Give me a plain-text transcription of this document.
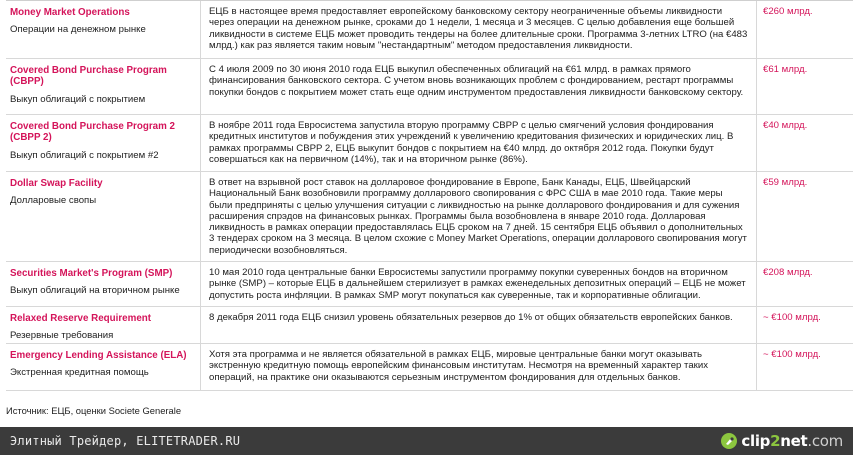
Money Market Operations
Операции на денежном рынке
ЕЦБ в настоящее время предоставляет европейскому банковскому сектору неограниченные объемы ликвидности через операции на денежном рынке, сроками до 1 недели, 1 месяца и 3 месяцев. С целью добавления еще большей ликвидности в системе ЕЦБ может проводить тендеры на более длительные сроки. Программа 3-летних LTRO (на €483 млрд.) как раз является таким новым "нестандартным" методом предоставления ликвидности.
€260 млрд.
Covered Bond Purchase Program (CBPP)
Выкуп облигаций с покрытием
С 4 июля 2009 по 30 июня 2010 года ЕЦБ выкупил обеспеченных облигаций на €61 млрд. в рамках прямого финансирования банковского сектора. С учетом вновь возникающих проблем с фондированием, рестарт программы покупки бондов с покрытием может стать еще одним инструментом предоставления ликвидности банковскому сектору.
€61 млрд.
Covered Bond Purchase Program 2 (CBPP 2)
Выкуп облигаций с покрытием #2
В ноябре 2011 года Евросистема запустила вторую программу CBPP с целью смягчений условия фондирования кредитных институтов и побуждения этих учреждений к увеличению кредитования физических и юридических лиц. В рамках программы CBPP 2, ЕЦБ выкупит бондов с покрытием на €40 млрд. до октября 2012 года. Покупки будут совершаться как на первичном (14%), так и на вторичном рынке (86%).
€40 млрд.
Dollar Swap Facility
Долларовые свопы
В ответ на взрывной рост ставок на долларовое фондирование в Европе, Банк Канады, ЕЦБ, Швейцарский Национальный Банк возобновили программу долларового свопирования с ФРС США в мае 2010 года. Такие меры были предприняты с целью улучшения ситуации с ликвидностью на рынке долларового фондирования и для сужения расширения спрэдов на финансовых рынках. Программы была возобновлена в январе 2010 года. Долларовая ликвидность в рамках операции предоставлялась ЕЦБ сроком на 7 дней. 15 сентября ЕЦБ объявил о дополнительных 3 тендерах сроком на 3 месяца. В целом схожие с Money Market Operations, операции долларового свопирования могут периодически возобновляться.
€59 млрд.
Securities Market's Program (SMP)
Выкуп облигаций на вторичном рынке
10 мая 2010 года центральные банки Евросистемы запустили программу покупки суверенных бондов на вторичном рынке (SMP) – которые ЕЦБ в дальнейшем стерилизует в рамках еженедельных депозитных операций – ЕЦБ не может допустить роста инфляции. В рамках SMP могут покупаться как суверенные, так и корпоративные облигации.
€208 млрд.
Relaxed Reserve Requirement
Резервные требования
8 декабря 2011 года ЕЦБ снизил уровень обязательных резервов до 1% от общих обязательств европейских банков.	~ €100 млрд.
Emergency Lending Assistance (ELA)
Экстренная кредитная помощь
Хотя эта программа и не является обязательной в рамках ЕЦБ, мировые центральные банки могут оказывать экстренную кредитную помощь европейским финансовым институтам. Несмотря на временный характер таких операций, на практике они оказываются серьезным инструментом фондирования для отдельных банков.
~ €100 млрд.
Источник: ЕЦБ, оценки Societe Generale
Элитный Трейдер, ELITETRADER.RU	clip2net.com
